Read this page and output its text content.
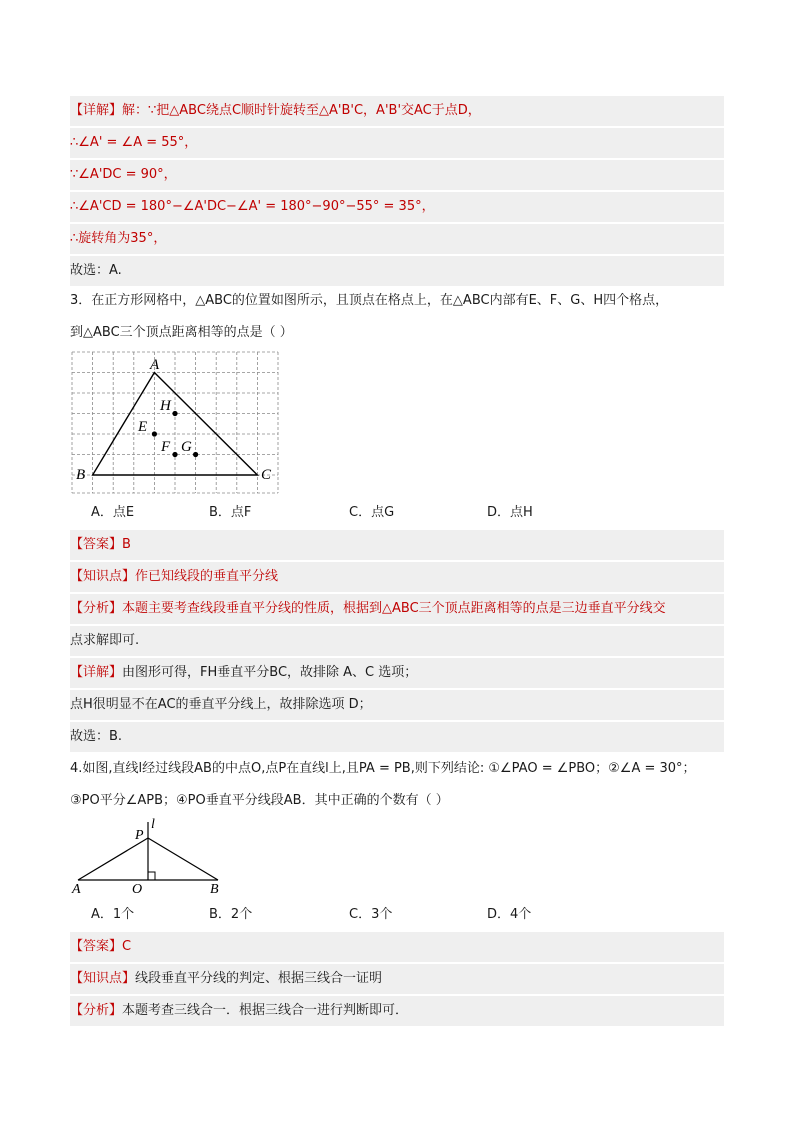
【详解】解：∵把△ABC绕点C顺时针旋转至△A'B'C，A'B'交AC于点D，
∴∠A' = ∠A = 55°，
∵∠A'DC = 90°，
∴∠A'CD = 180°−∠A'DC−∠A' = 180°−90°−55° = 35°，
∴旋转角为35°，
故选：A.
3．在正方形网格中，△ABC的位置如图所示，且顶点在格点上，在△ABC内部有E、F、G、H四个格点，
到△ABC三个顶点距离相等的点是（ ）
A
B	C
E
H
F G
A．点E	B．点F	C．点G	D．点H
【答案】B
【知识点】作已知线段的垂直平分线
【分析】本题主要考查线段垂直平分线的性质，根据到△ABC三个顶点距离相等的点是三边垂直平分线交
点求解即可.
【详解】由图形可得，FH垂直平分BC，故排除 A、C 选项；
点H很明显不在AC的垂直平分线上，故排除选项 D；
故选：B.
4.如图,直线l经过线段AB的中点O,点P在直线l上,且PA = PB,则下列结论: ①∠PAO = ∠PBO；②∠A = 30°；
③PO平分∠APB；④PO垂直平分线段AB．其中正确的个数有（ ）
P
l
A	O	B
A．1个	B．2个	C．3个	D．4个
【答案】C
【知识点】线段垂直平分线的判定、根据三线合一证明
【分析】本题考查三线合一．根据三线合一进行判断即可．
